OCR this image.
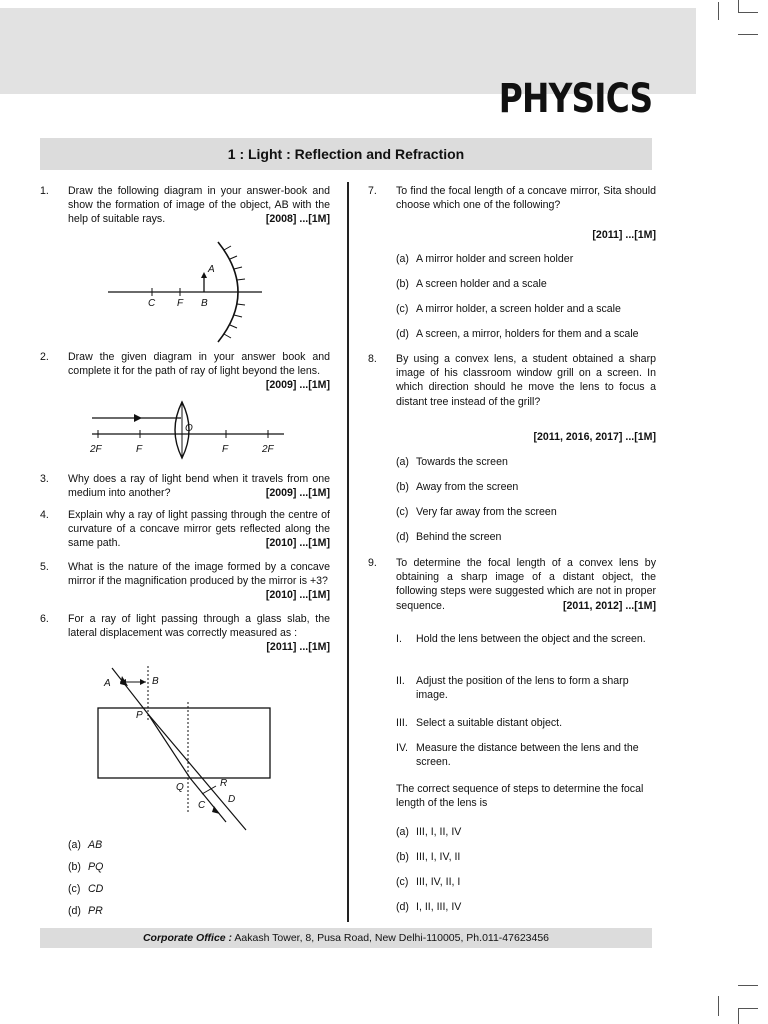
PHYSICS
1 : Light : Reflection and Refraction
1. Draw the following diagram in your answer-book and show the formation of image of the object, AB with the help of suitable rays.	[2008] ...[1M]
A
C F B
2. Draw the given diagram in your answer book and complete it for the path of ray of light beyond the lens.
[2009] ...[1M]
2F	F
O
F	2F
3. Why does a ray of light bend when it travels from one medium into another?	[2009] ...[1M]
4. Explain why a ray of light passing through the centre of curvature of a concave mirror gets reflected along the same path.	[2010] ...[1M]
5. What is the nature of the image formed by a concave mirror if the magnification produced by the mirror is +3?
[2010] ...[1M]
6. For a ray of light passing through a glass slab, the lateral displacement was correctly measured as :
[2011] ...[1M]
A	B
P
Q	R
C
D
(a) AB
(b) PQ
(c) CD
(d) PR
7. To find the focal length of a concave mirror, Sita should choose which one of the following?
[2011] ...[1M]
(a) A mirror holder and screen holder
(b) A screen holder and a scale
(c) A mirror holder, a screen holder and a scale
(d) A screen, a mirror, holders for them and a scale
8. By using a convex lens, a student obtained a sharp image of his classroom window grill on a screen. In which direction should he move the lens to focus a distant tree instead of the grill?
[2011, 2016, 2017] ...[1M]
(a) Towards the screen
(b) Away from the screen
(c) Very far away from the screen
(d) Behind the screen
9. To determine the focal length of a convex lens by obtaining a sharp image of a distant object, the following steps were suggested which are not in proper sequence.	[2011, 2012] ...[1M]
I. Hold the lens between the object and the screen.
II. Adjust the position of the lens to form a sharp image.
III. Select a suitable distant object.
IV. Measure the distance between the lens and the screen.
The correct sequence of steps to determine the focal length of the lens is
(a) III, I, II, IV
(b) III, I, IV, II
(c) III, IV, II, I
(d) I, II, III, IV
Corporate Office : Aakash Tower, 8, Pusa Road, New Delhi-110005, Ph.011-47623456
